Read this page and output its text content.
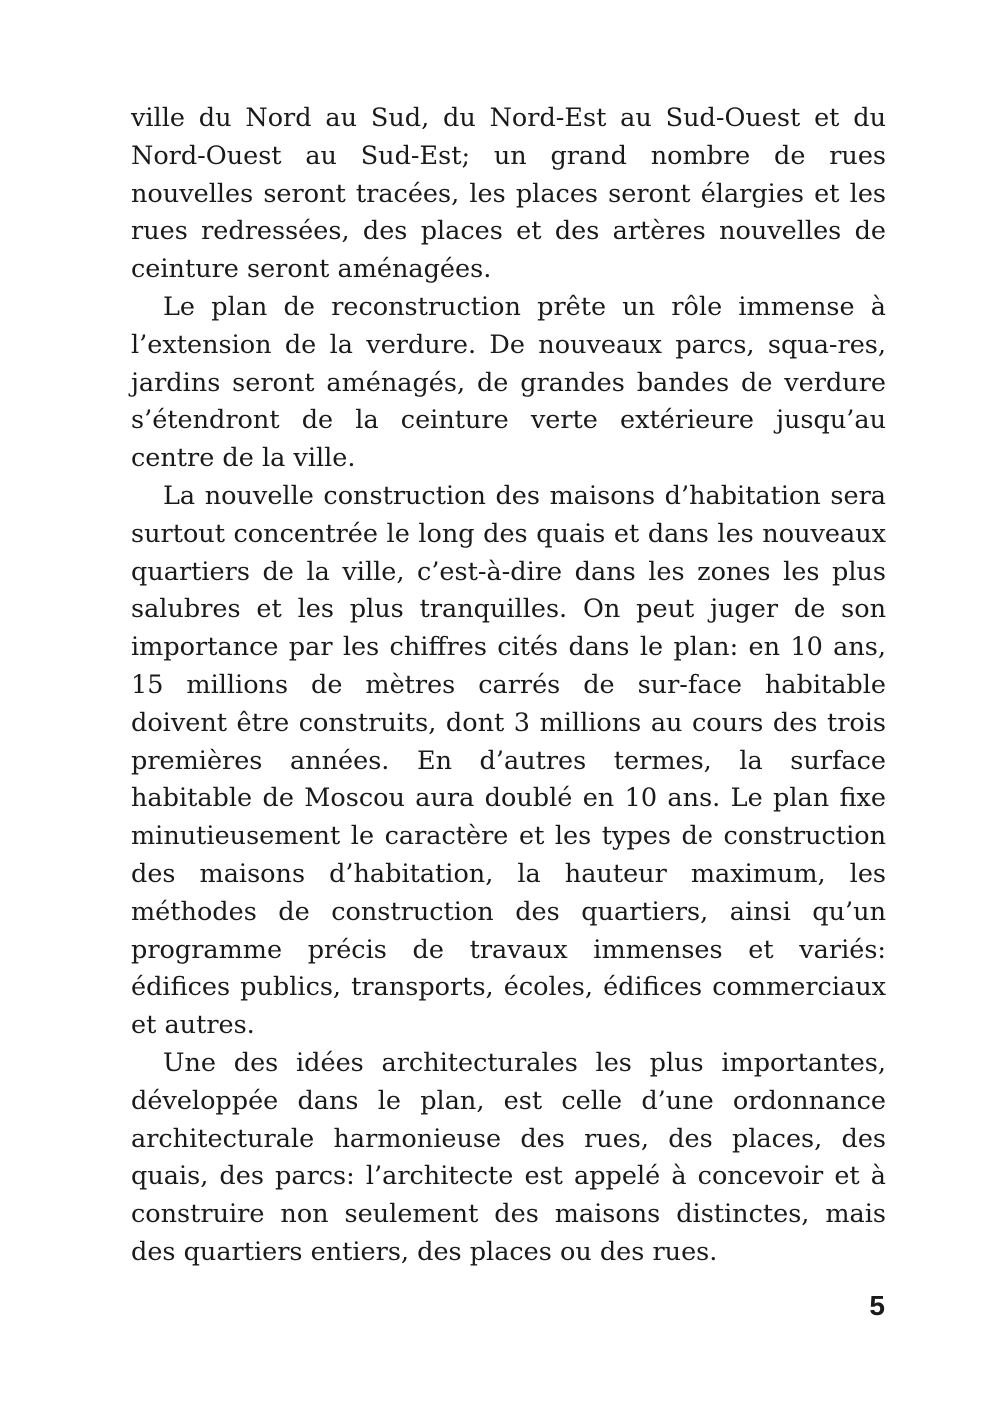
ville du Nord au Sud, du Nord-Est au Sud-Ouest et du Nord-Ouest au Sud-Est; un grand nombre de rues nouvelles seront tracées, les places seront élargies et les rues redressées, des places et des artères nouvelles de ceinture seront aménagées.

Le plan de reconstruction prête un rôle immense à l’extension de la verdure. De nouveaux parcs, squa-res, jardins seront aménagés, de grandes bandes de verdure s’étendront de la ceinture verte extérieure jusqu’au centre de la ville.

La nouvelle construction des maisons d’habitation sera surtout concentrée le long des quais et dans les nouveaux quartiers de la ville, c’est-à-dire dans les zones les plus salubres et les plus tranquilles. On peut juger de son importance par les chiffres cités dans le plan: en 10 ans, 15 millions de mètres carrés de sur-face habitable doivent être construits, dont 3 millions au cours des trois premières années. En d’autres termes, la surface habitable de Moscou aura doublé en 10 ans. Le plan fixe minutieusement le caractère et les types de construction des maisons d’habitation, la hauteur maximum, les méthodes de construction des quartiers, ainsi qu’un programme précis de travaux immenses et variés: édifices publics, transports, écoles, édifices commerciaux et autres.

Une des idées architecturales les plus importantes, développée dans le plan, est celle d’une ordonnance architecturale harmonieuse des rues, des places, des quais, des parcs: l’architecte est appelé à concevoir et à construire non seulement des maisons distinctes, mais des quartiers entiers, des places ou des rues.

5
